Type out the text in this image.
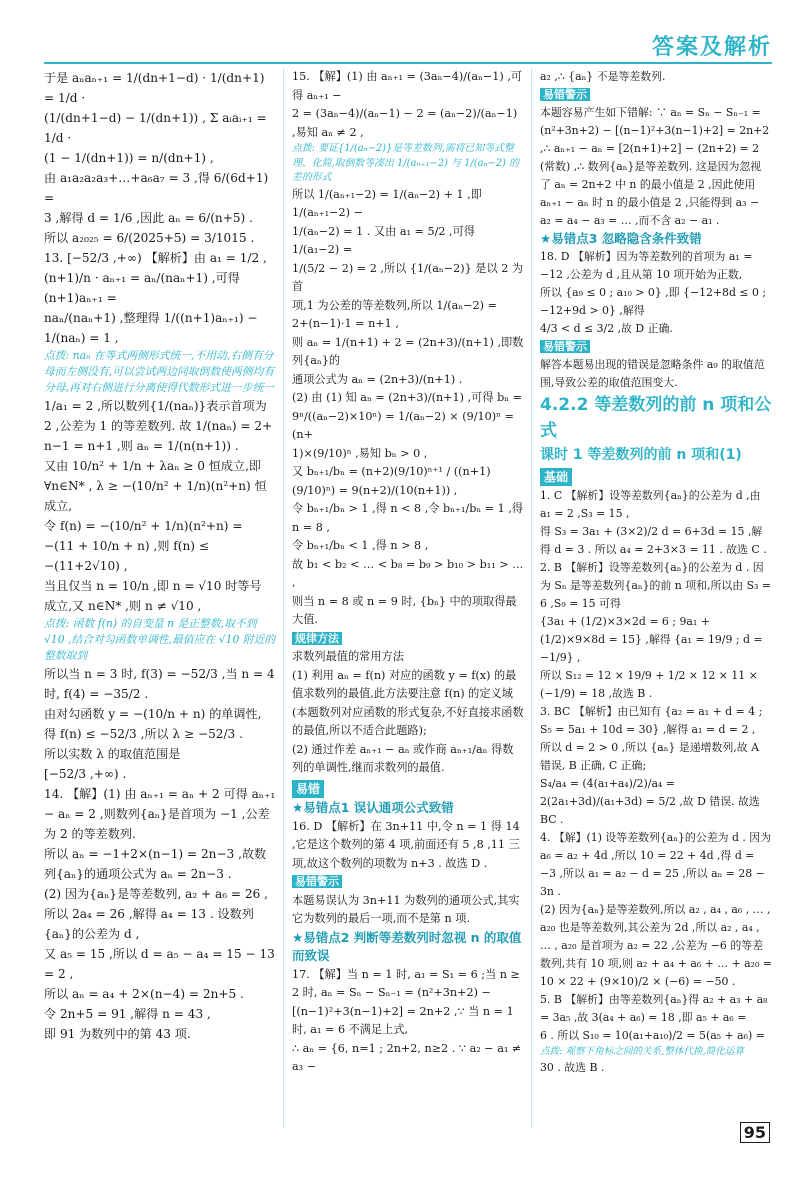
答案及解析
于是 aₙaₙ₊₁ = 1/(dn+1−d) · 1/(dn+1) = 1/d ·
(1/(dn+1−d) − 1/(dn+1)) , Σ aᵢaᵢ₊₁ = 1/d ·
(1 − 1/(dn+1)) = n/(dn+1) ,
由 a₁a₂a₂a₃+…+a₆a₇ = 3 ,得 6/(6d+1) =
3 ,解得 d = 1/6 ,因此 aₙ = 6/(n+5) .
所以 a₂₀₂₅ = 6/(2025+5) = 3/1015 .
13. [−52/3 ,+∞) 【解析】由 a₁ = 1/2 ,
(n+1)/n · aₙ₊₁ = aₙ/(naₙ+1) ,可得 (n+1)aₙ₊₁ =
naₙ/(naₙ+1) ,整理得 1/((n+1)aₙ₊₁) − 1/(naₙ) = 1 ,
点拨: naₙ 在等式两侧形式统一,不用动,右侧有分母而左侧没有,可以尝试两边同取倒数使两侧均有分母,再对右侧进行分离使得代数形式进一步统一
1/a₁ = 2 ,所以数列{1/(naₙ)}表示首项为
2 ,公差为 1 的等差数列. 故 1/(naₙ) = 2+
n−1 = n+1 ,则 aₙ = 1/(n(n+1)) .
又由 10/n² + 1/n + λaₙ ≥ 0 恒成立,即
∀n∈N* , λ ≥ −(10/n² + 1/n)(n²+n) 恒
成立,
令 f(n) = −(10/n² + 1/n)(n²+n) =
−(11 + 10/n + n) ,则 f(n) ≤ −(11+2√10) ,
当且仅当 n = 10/n ,即 n = √10 时等号
成立,又 n∈N* ,则 n ≠ √10 ,
点拨: 函数 f(n) 的自变量 n 是正整数,取不到 √10 ,结合对勾函数单调性,最值应在 √10 附近的整数取到
所以当 n = 3 时, f(3) = −52/3 ,当 n = 4
时, f(4) = −35/2 .
由对勾函数 y = −(10/n + n) 的单调性,
得 f(n) ≤ −52/3 ,所以 λ ≥ −52/3 .
所以实数 λ 的取值范围是
[−52/3 ,+∞) .
14. 【解】(1) 由 aₙ₊₁ = aₙ + 2 可得 aₙ₊₁ − aₙ = 2 ,则数列{aₙ}是首项为 −1 ,公差为 2 的等差数列.
所以 aₙ = −1+2×(n−1) = 2n−3 ,故数列{aₙ}的通项公式为 aₙ = 2n−3 .
(2) 因为{aₙ}是等差数列, a₂ + a₆ = 26 ,所以 2a₄ = 26 ,解得 a₄ = 13 . 设数列{aₙ}的公差为 d ,
又 a₅ = 15 ,所以 d = a₅ − a₄ = 15 − 13 = 2 ,
所以 aₙ = a₄ + 2×(n−4) = 2n+5 .
令 2n+5 = 91 ,解得 n = 43 ,
即 91 为数列中的第 43 项.
15. 【解】(1) 由 aₙ₊₁ = (3aₙ−4)/(aₙ−1) ,可得 aₙ₊₁ −
2 = (3aₙ−4)/(aₙ−1) − 2 = (aₙ−2)/(aₙ−1) ,易知 aₙ ≠ 2 ,
点拨: 要证{1/(aₙ−2)}是等差数列,需将已知等式整理、化简,取倒数等凑出 1/(aₙ₊₁−2) 与 1/(aₙ−2) 的差的形式
所以 1/(aₙ₊₁−2) = 1/(aₙ−2) + 1 ,即 1/(aₙ₊₁−2) −
1/(aₙ−2) = 1 . 又由 a₁ = 5/2 ,可得 1/(a₁−2) =
1/(5/2 − 2) = 2 ,所以 {1/(aₙ−2)} 是以 2 为首
项,1 为公差的等差数列,所以 1/(aₙ−2) =
2+(n−1)·1 = n+1 ,
则 aₙ = 1/(n+1) + 2 = (2n+3)/(n+1) ,即数列{aₙ}的
通项公式为 aₙ = (2n+3)/(n+1) .
(2) 由 (1) 知 aₙ = (2n+3)/(n+1) ,可得 bₙ =
9ⁿ/((aₙ−2)×10ⁿ) = 1/(aₙ−2) × (9/10)ⁿ = (n+
1)×(9/10)ⁿ ,易知 bₙ > 0 ,
又 bₙ₊₁/bₙ = (n+2)(9/10)ⁿ⁺¹ / ((n+1)(9/10)ⁿ) = 9(n+2)/(10(n+1)) ,
令 bₙ₊₁/bₙ > 1 ,得 n < 8 ,令 bₙ₊₁/bₙ = 1 ,得 n = 8 ,
令 bₙ₊₁/bₙ < 1 ,得 n > 8 ,
故 b₁ < b₂ < … < b₈ = b₉ > b₁₀ > b₁₁ > … ,
则当 n = 8 或 n = 9 时, {bₙ} 中的项取得最大值.
规律方法
求数列最值的常用方法
(1) 利用 aₙ = f(n) 对应的函数 y = f(x) 的最值求数列的最值,此方法要注意 f(n) 的定义域(本题数列对应函数的形式复杂,不好直接求函数的最值,所以不适合此题路);
(2) 通过作差 aₙ₊₁ − aₙ 或作商 aₙ₊₁/aₙ 得数列的单调性,继而求数列的最值.
易错
★易错点1 误认通项公式致错
16. D 【解析】在 3n+11 中,令 n = 1 得 14 ,它是这个数列的第 4 项,前面还有 5 ,8 ,11 三项,故这个数列的项数为 n+3 . 故选 D .
易错警示
本题易误认为 3n+11 为数列的通项公式,其实它为数列的最后一项,而不是第 n 项.
★易错点2 判断等差数列时忽视 n 的取值而致误
17. 【解】当 n = 1 时, a₁ = S₁ = 6 ;当 n ≥ 2 时, aₙ = Sₙ − Sₙ₋₁ = (n²+3n+2) − [(n−1)²+3(n−1)+2] = 2n+2 ,∵ 当 n = 1 时, a₁ = 6 不满足上式,
∴ aₙ = {6, n=1 ; 2n+2, n≥2 . ∵ a₂ − a₁ ≠ a₃ −
a₂ ,∴ {aₙ} 不是等差数列.
易错警示
本题容易产生如下错解: ∵ aₙ = Sₙ − Sₙ₋₁ = (n²+3n+2) − [(n−1)²+3(n−1)+2] = 2n+2 ,∴ aₙ₊₁ − aₙ = [2(n+1)+2] − (2n+2) = 2 (常数) ,∴ 数列{aₙ}是等差数列. 这是因为忽视了 aₙ = 2n+2 中 n 的最小值是 2 ,因此使用 aₙ₊₁ − aₙ 时 n 的最小值是 2 ,只能得到 a₃ − a₂ = a₄ − a₃ = … ,而不含 a₂ − a₁ .
★易错点3 忽略隐含条件致错
18. D 【解析】因为等差数列的首项为 a₁ = −12 ,公差为 d ,且从第 10 项开始为正数,
所以 {a₉ ≤ 0 ; a₁₀ > 0} ,即 {−12+8d ≤ 0 ; −12+9d > 0} ,解得
4/3 < d ≤ 3/2 ,故 D 正确.
易错警示
解答本题易出现的错误是忽略条件 a₉ 的取值范围,导致公差的取值范围变大.
4.2.2 等差数列的前 n 项和公式
课时 1 等差数列的前 n 项和(1)
基础
1. C 【解析】设等差数列{aₙ}的公差为 d ,由 a₁ = 2 ,S₃ = 15 ,
得 S₃ = 3a₁ + (3×2)/2 d = 6+3d = 15 ,解得 d = 3 . 所以 a₄ = 2+3×3 = 11 . 故选 C .
2. B 【解析】设等差数列{aₙ}的公差为 d . 因为 Sₙ 是等差数列{aₙ}的前 n 项和,所以由 S₃ = 6 ,S₉ = 15 可得
{3a₁ + (1/2)×3×2d = 6 ; 9a₁ + (1/2)×9×8d = 15} ,解得 {a₁ = 19/9 ; d = −1/9} ,
所以 S₁₂ = 12 × 19/9 + 1/2 × 12 × 11 × (−1/9) = 18 ,故选 B .
3. BC 【解析】由已知有 {a₂ = a₁ + d = 4 ; S₅ = 5a₁ + 10d = 30} ,解得 a₁ = d = 2 ,
所以 d = 2 > 0 ,所以 {aₙ} 是递增数列,故 A 错误, B 正确, C 正确;
S₄/a₄ = (4(a₁+a₄)/2)/a₄ = 2(2a₁+3d)/(a₁+3d) = 5/2 ,故 D 错误. 故选 BC .
4. 【解】(1) 设等差数列{aₙ}的公差为 d . 因为 a₆ = a₂ + 4d ,所以 10 = 22 + 4d ,得 d = −3 ,所以 a₁ = a₂ − d = 25 ,所以 aₙ = 28 − 3n .
(2) 因为{aₙ}是等差数列,所以 a₂ , a₄ , a₆ , … , a₂₀ 也是等差数列,其公差为 2d ,所以 a₂ , a₄ , … , a₂₀ 是首项为 a₂ = 22 ,公差为 −6 的等差数列,共有 10 项,则 a₂ + a₄ + a₆ + … + a₂₀ = 10 × 22 + (9×10)/2 × (−6) = −50 .
5. B 【解析】由等差数列{aₙ}得 a₂ + a₃ + a₈ = 3a₅ ,故 3(a₄ + a₆) = 18 ,即 a₅ + a₆ =
6 . 所以 S₁₀ = 10(a₁+a₁₀)/2 = 5(a₅ + a₆) =
点拨: 观察下角标之间的关系,整体代换,简化运算
30 . 故选 B .
95
